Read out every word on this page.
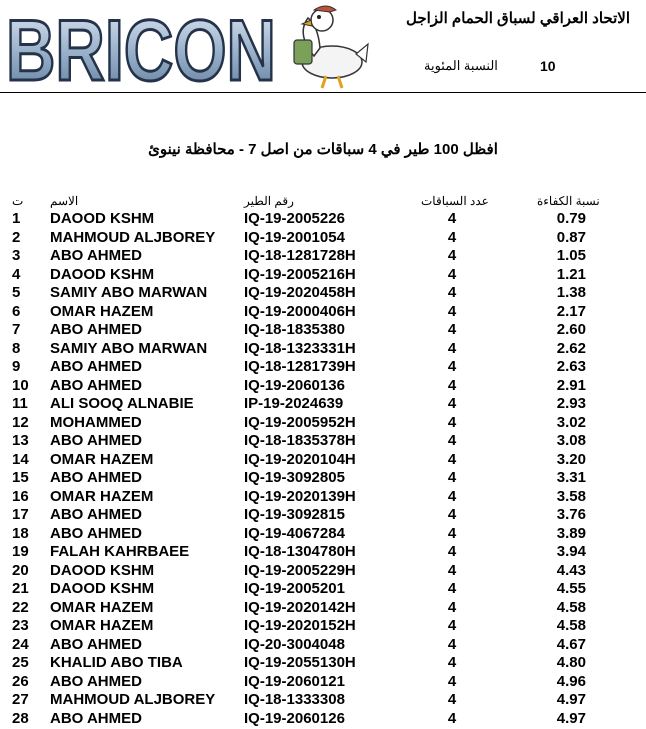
BRICON	الاتحاد العراقي لسباق الحمام الزاجل
النسبة المئوية	10
افظل 100 طير في 4 سباقات من اصل 7 - محافظة نينوئ
ت الاسم	رقم الطير	عدد السباقات	نسبة الكفاءة
1 DAOOD KSHM	IQ-19-2005226	4	0.79
2 MAHMOUD ALJBOREY IQ-19-2001054	4	0.87
3 ABO AHMED	IQ-18-1281728H	4	1.05
4 DAOOD KSHM	IQ-19-2005216H	4	1.21
5 SAMIY ABO MARWAN IQ-19-2020458H	4	1.38
6 OMAR HAZEM	IQ-19-2000406H	4	2.17
7 ABO AHMED	IQ-18-1835380	4	2.60
8 SAMIY ABO MARWAN IQ-18-1323331H	4	2.62
9 ABO AHMED	IQ-18-1281739H	4	2.63
10 ABO AHMED	IQ-19-2060136	4	2.91
11 ALI SOOQ ALNABIE	IP-19-2024639	4	2.93
12 MOHAMMED	IQ-19-2005952H	4	3.02
13 ABO AHMED	IQ-18-1835378H	4	3.08
14 OMAR HAZEM	IQ-19-2020104H	4	3.20
15 ABO AHMED	IQ-19-3092805	4	3.31
16 OMAR HAZEM	IQ-19-2020139H	4	3.58
17 ABO AHMED	IQ-19-3092815	4	3.76
18 ABO AHMED	IQ-19-4067284	4	3.89
19 FALAH KAHRBAEE	IQ-18-1304780H	4	3.94
20 DAOOD KSHM	IQ-19-2005229H	4	4.43
21 DAOOD KSHM	IQ-19-2005201	4	4.55
22 OMAR HAZEM	IQ-19-2020142H	4	4.58
23 OMAR HAZEM	IQ-19-2020152H	4	4.58
24 ABO AHMED	IQ-20-3004048	4	4.67
25 KHALID ABO TIBA	IQ-19-2055130H	4	4.80
26 ABO AHMED	IQ-19-2060121	4	4.96
27 MAHMOUD ALJBOREY IQ-18-1333308	4	4.97
28 ABO AHMED	IQ-19-2060126	4	4.97
